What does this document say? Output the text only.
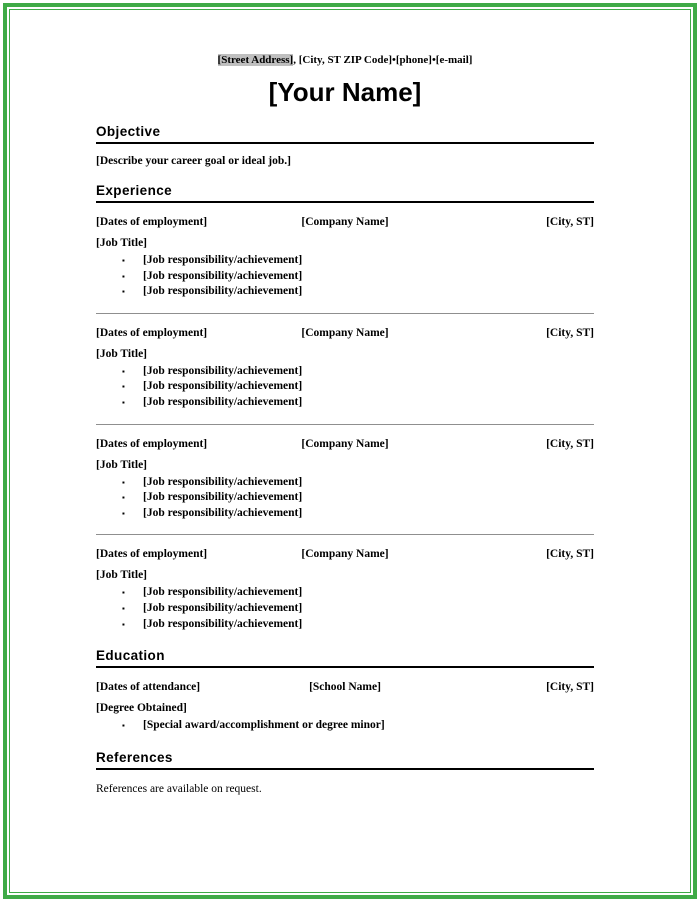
[Street Address], [City, ST ZIP Code]•[phone]•[e-mail]
[Your Name]
Objective

[Describe your career goal or ideal job.]

Experience
[Dates of employment]	[Company Name]	[City, ST]
[Job Title]
▪	[Job responsibility/achievement]
▪	[Job responsibility/achievement]
▪	[Job responsibility/achievement]
[Dates of employment]	[Company Name]	[City, ST]
[Job Title]
▪	[Job responsibility/achievement]
▪	[Job responsibility/achievement]
▪	[Job responsibility/achievement]
[Dates of employment]	[Company Name]	[City, ST]
[Job Title]
▪	[Job responsibility/achievement]
▪	[Job responsibility/achievement]
▪	[Job responsibility/achievement]
[Dates of employment]	[Company Name]	[City, ST]
[Job Title]
▪	[Job responsibility/achievement]
▪	[Job responsibility/achievement]
▪	[Job responsibility/achievement]
Education
[Dates of attendance]	[School Name]	[City, ST]
[Degree Obtained]
▪	[Special award/accomplishment or degree minor]
References

References are available on request.
